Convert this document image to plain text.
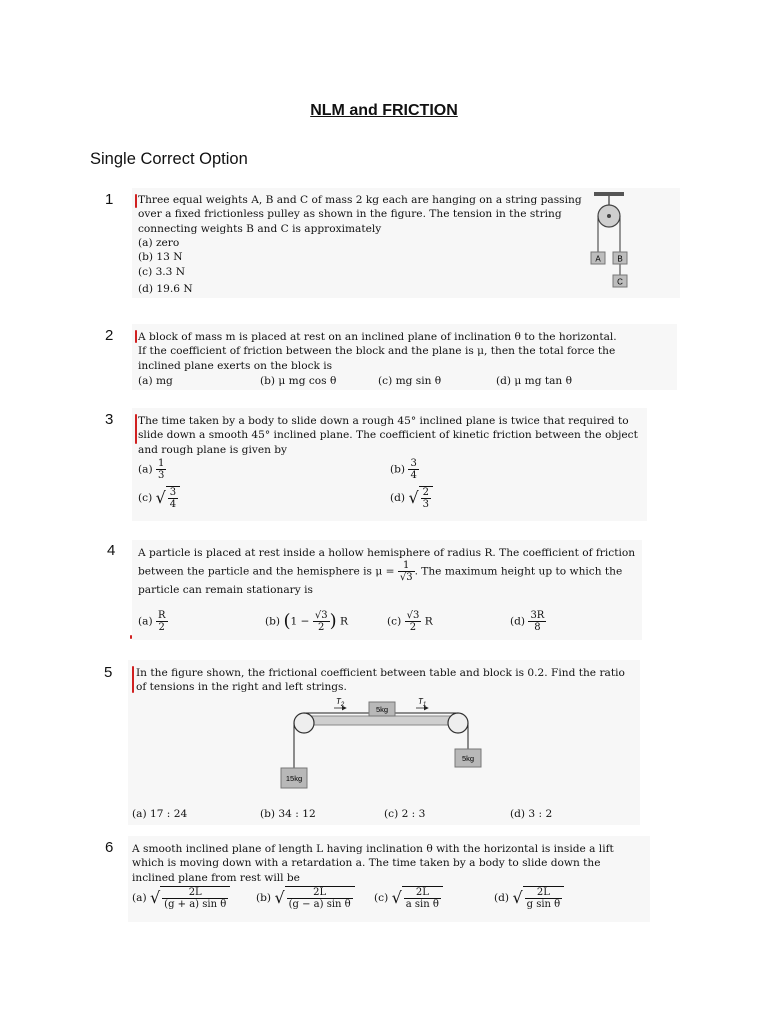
NLM and FRICTION
Single Correct Option
1 Three equal weights A, B and C of mass 2 kg each are hanging on a string passing over a fixed frictionless pulley as shown in the figure. The tension in the string connecting weights B and C is approximately

(a) zero
(b) 13 N
(c) 3.3 N
(d) 19.6 N
A B
C
2 A block of mass m is placed at rest on an inclined plane of inclination θ to the horizontal. If the coefficient of friction between the block and the plane is μ, then the total force the inclined plane exerts on the block is

(a) mg	(b) μ mg cos θ	(c) mg sin θ	(d) μ mg tan θ
3 The time taken by a body to slide down a rough 45° inclined plane is twice that required to slide down a smooth 45° inclined plane. The coefficient of kinetic friction between the object and rough plane is given by

$(a) \frac{1}{3}$	$(b) \frac{3}{4}$
(c) √ $\frac{3}{4}$	(d) √ $\frac{2}{3}$
4 A particle is placed at rest inside a hollow hemisphere of radius R. The coefficient of friction between the particle and the hemisphere is $\mu = \frac{1}{√3}$ . The maximum height up to which the particle can remain stationary is
$(a) \frac{R}{2}$	(b) ($1 - \frac{√3}{2}$ ) R	$(c) \frac{√3}{2}$ R	$(d) \frac{3R}{8}$
5 In the figure shown, the frictional coefficient between table and block is 0.2. Find the ratio of tensions in the right and left strings.

$T_2$	$T_1$
5kg
15kg
5kg
(a) 17 : 24	(b) 34 : 12	(c) 2 : 3	(d) 3 : 2
6 A smooth inclined plane of length L having inclination θ with the horizontal is inside a lift which is moving down with a retardation a. The time taken by a body to slide down the inclined plane from rest will be

(a) √ $\frac{2L}{\text{(g + a) sin θ}}$	(b) √ $\frac{2L}{\text{(g − a) sin θ}} (c)$ √ $\frac{2L}{\text{a sin θ}}$	(d) √ $\frac{2L}{\text{g sin θ}}$
